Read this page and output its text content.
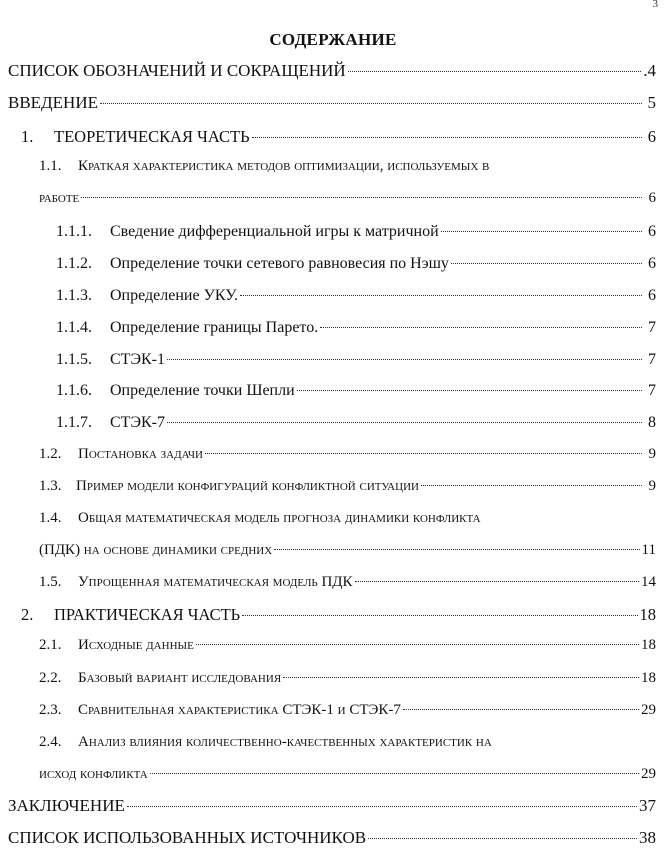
3
СОДЕРЖАНИЕ
СПИСОК ОБОЗНАЧЕНИЙ И СОКРАЩЕНИЙ	.4
ВВЕДЕНИЕ	5
1.	ТЕОРЕТИЧЕСКАЯ ЧАСТЬ	6
1.1.	Краткая характеристика методов оптимизации, используемых в
работе	6
1.1.1.	Сведение дифференциальной игры к матричной	6
1.1.2.	Определение точки сетевого равновесия по Нэшу	6
1.1.3.	Определение УКУ.	6
1.1.4.	Определение границы Парето.	7
1.1.5.	СТЭК-1	7
1.1.6.	Определение точки Шепли	7
1.1.7.	СТЭК-7	8
1.2.	Постановка задачи	9
1.3. Пример модели конфигураций конфликтной ситуации	9
1.4.	Общая математическая модель прогноза динамики конфликта
(ПДК) на основе динамики средних	11
1.5.	Упрощенная математическая модель ПДК	14
2.	ПРАКТИЧЕСКАЯ ЧАСТЬ	18
2.1.	Исходные данные	18
2.2.	Базовый вариант исследования	18
2.3.	Сравнительная характеристика СТЭК-1 и СТЭК-7	29
2.4.	Анализ влияния количественно-качественных характеристик на
исход конфликта	29
ЗАКЛЮЧЕНИЕ	37
СПИСОК ИСПОЛЬЗОВАННЫХ ИСТОЧНИКОВ	38
